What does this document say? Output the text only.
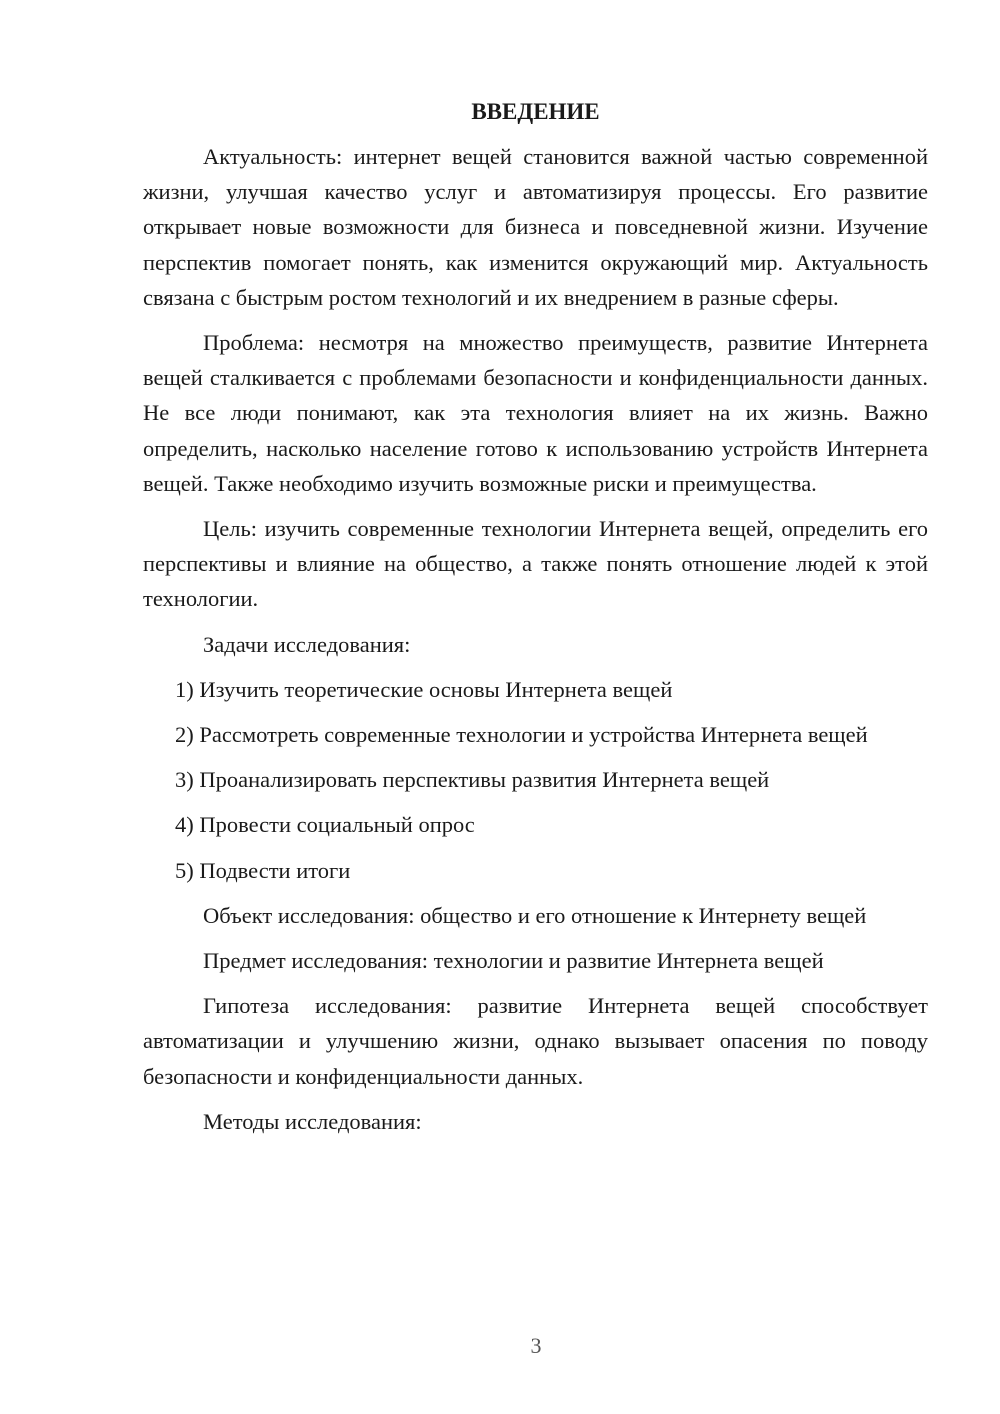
ВВЕДЕНИЕ

Актуальность: интернет вещей становится важной частью современной жизни, улучшая качество услуг и автоматизируя процессы. Его развитие открывает новые возможности для бизнеса и повседневной жизни. Изучение перспектив помогает понять, как изменится окружающий мир. Актуальность связана с быстрым ростом технологий и их внедрением в разные сферы.

Проблема: несмотря на множество преимуществ, развитие Интернета вещей сталкивается с проблемами безопасности и конфиденциальности данных. Не все люди понимают, как эта технология влияет на их жизнь. Важно определить, насколько население готово к использованию устройств Интернета вещей. Также необходимо изучить возможные риски и преимущества.

Цель: изучить современные технологии Интернета вещей, определить его перспективы и влияние на общество, а также понять отношение людей к этой технологии.

Задачи исследования:

1) Изучить теоретические основы Интернета вещей

2) Рассмотреть современные технологии и устройства Интернета вещей

3) Проанализировать перспективы развития Интернета вещей

4) Провести социальный опрос

5) Подвести итоги

Объект исследования: общество и его отношение к Интернету вещей

Предмет исследования: технологии и развитие Интернета вещей

Гипотеза исследования: развитие Интернета вещей способствует автоматизации и улучшению жизни, однако вызывает опасения по поводу безопасности и конфиденциальности данных.

Методы исследования:

3
